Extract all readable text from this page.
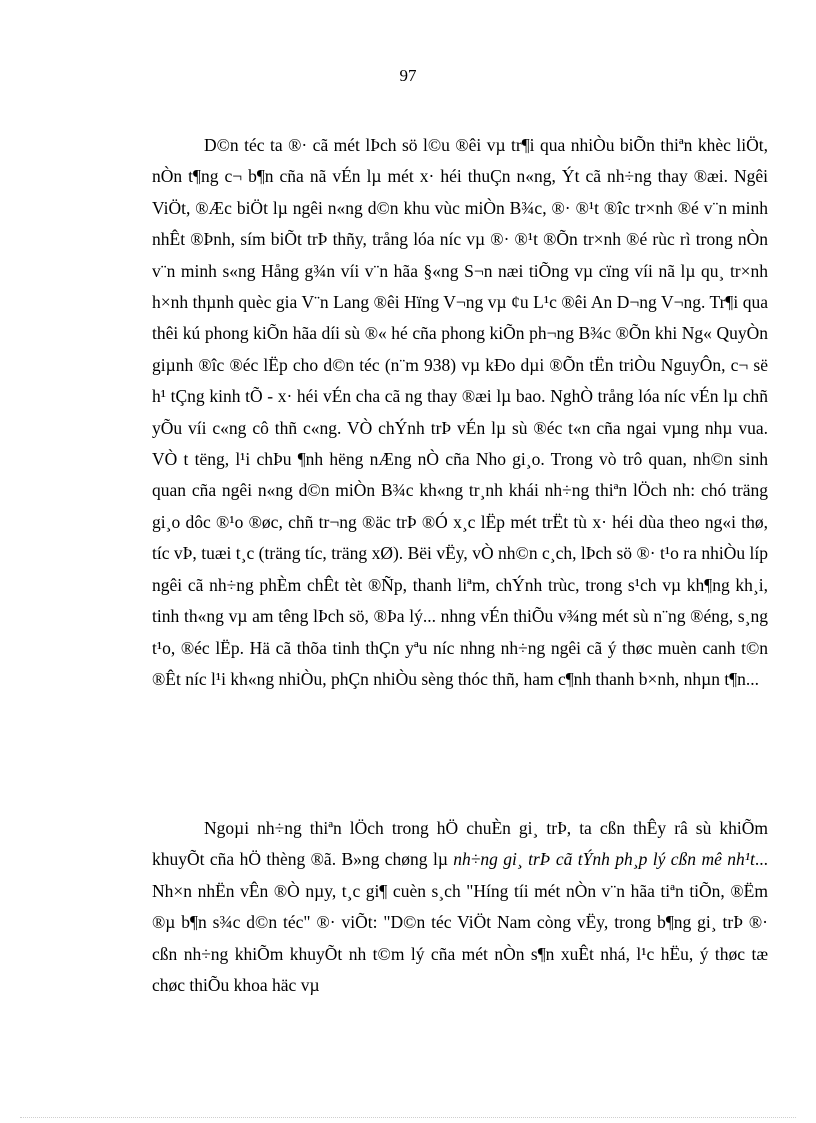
97

D©n téc ta ®· cã mét lÞch sö l©u ®êi vµ tr¶i qua nhiÒu biÕn thiªn khèc liÖt, nÒn t¶ng c¬ b¶n cña nã vÉn lµ mét x· héi thuÇn n«ng, Ýt cã nh÷ng thay ®æi. Ngêi ViÖt, ®Æc biÖt lµ ngêi n«ng d©n khu vùc miÒn B¾c, ®· ®¹t ®îc tr×nh ®é v¨n minh nhÊt ®Þnh, sím biÕt trÞ thñy, trång lóa níc vµ ®· ®¹t ®Õn tr×nh ®é rùc rì trong nÒn v¨n minh s«ng Hång g¾n víi v¨n hãa §«ng S¬n næi tiÕng vµ cïng víi nã lµ qu¸ tr×nh h×nh thµnh quèc gia V¨n Lang ®êi Hïng V¬ng vµ ¢u L¹c ®êi An D¬ng V¬ng. Tr¶i qua thêi kú phong kiÕn hãa díi sù ®« hé cña phong kiÕn ph¬ng B¾c ®Õn khi Ng« QuyÒn giµnh ®îc ®éc lËp cho d©n téc (n¨m 938) vµ kÐo dµi ®Õn tËn triÒu NguyÔn, c¬ së h¹ tÇng kinh tÕ - x· héi vÉn cha cã ng thay ®æi lµ bao. NghÒ trång lóa níc vÉn lµ chñ yÕu víi c«ng cô thñ c«ng. VÒ chÝnh trÞ vÉn lµ sù ®éc t«n cña ngai vµng nhµ vua. VÒ t tëng, l¹i chÞu ¶nh hëng nÆng nÒ cña Nho gi¸o. Trong vò trô quan, nh©n sinh quan cña ngêi n«ng d©n miÒn B¾c kh«ng tr¸nh khái nh÷ng thiªn lÖch nh: chó träng gi¸o dôc ®¹o ®øc, chñ tr¬ng ®äc trÞ ®Ó x¸c lËp mét trËt tù x· héi dùa theo ng«i thø, tíc vÞ, tuæi t¸c (träng tíc, träng xØ). Bëi vËy, vÒ nh©n c¸ch, lÞch sö ®· t¹o ra nhiÒu líp ngêi cã nh÷ng phÈm chÊt tèt ®Ñp, thanh liªm, chÝnh trùc, trong s¹ch vµ kh¶ng kh¸i, tinh th«ng vµ am têng lÞch sö, ®Þa lý... nhng vÉn thiÕu v¾ng mét sù n¨ng ®éng, s¸ng t¹o, ®éc lËp. Hä cã thõa tinh thÇn yªu níc nhng nh÷ng ngêi cã ý thøc muèn canh t©n ®Êt níc l¹i kh«ng nhiÒu, phÇn nhiÒu sèng thóc thñ, ham c¶nh thanh b×nh, nhµn t¶n...

Ngoµi nh÷ng thiªn lÖch trong hÖ chuÈn gi¸ trÞ, ta cßn thÊy râ sù khiÕm khuyÕt cña hÖ thèng ®ã. B»ng chøng lµ nh÷ng gi¸ trÞ cã tÝnh ph¸p lý cßn mê nh¹t... Nh×n nhËn vÊn ®Ò nµy, t¸c gi¶ cuèn s¸ch "Híng tíi mét nÒn v¨n hãa tiªn tiÕn, ®Ëm ®µ b¶n s¾c d©n téc" ®· viÕt: "D©n téc ViÖt Nam còng vËy, trong b¶ng gi¸ trÞ ®· cßn nh÷ng khiÕm khuyÕt nh t©m lý cña mét nÒn s¶n xuÊt nhá, l¹c hËu, ý thøc tæ chøc thiÕu khoa häc vµ
